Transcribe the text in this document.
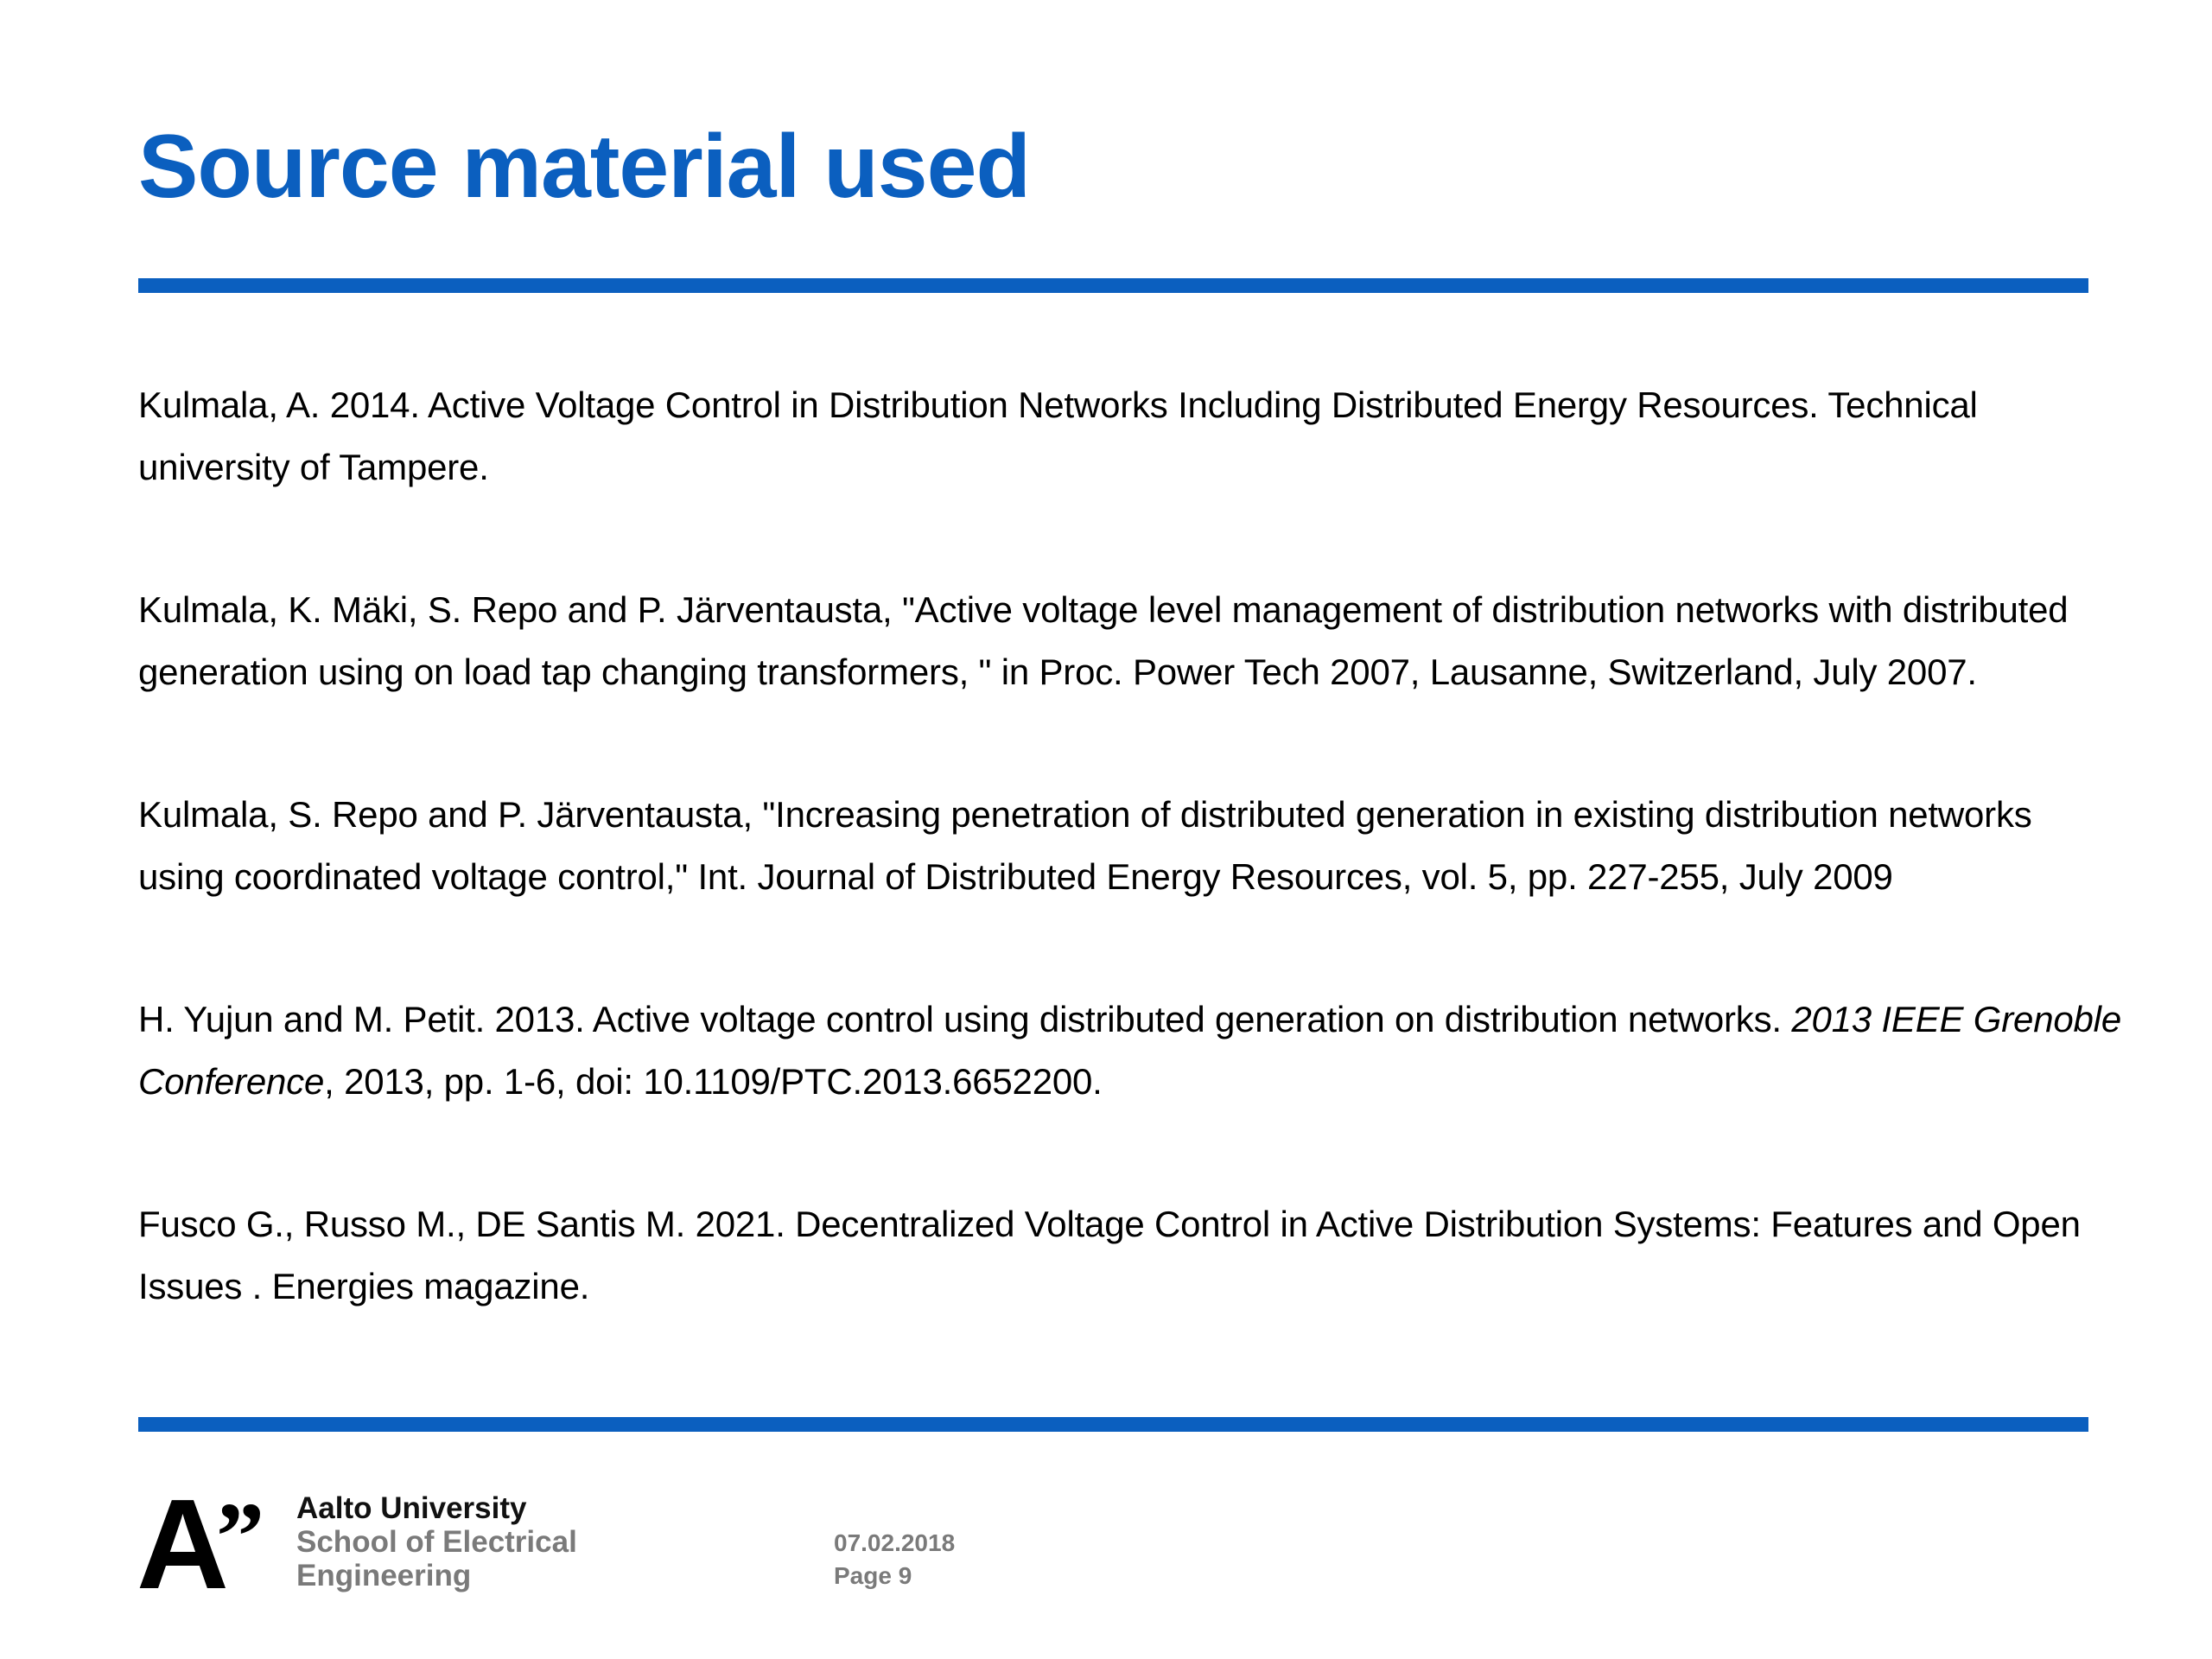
Source material used

Kulmala, A. 2014. Active Voltage Control in Distribution Networks Including Distributed Energy Resources. Technical university of Tampere.

Kulmala, K. Mäki, S. Repo and P. Järventausta, "Active voltage level management of distribution networks with distributed generation using on load tap changing transformers, " in Proc. Power Tech 2007, Lausanne, Switzerland, July 2007.

Kulmala, S. Repo and P. Järventausta, "Increasing penetration of distributed generation in existing distribution networks using coordinated voltage control," Int. Journal of Distributed Energy Resources, vol. 5, pp. 227-255, July 2009

H. Yujun and M. Petit. 2013. Active voltage control using distributed generation on distribution networks. 2013 IEEE Grenoble Conference, 2013, pp. 1-6, doi: 10.1109/PTC.2013.6652200.

Fusco G., Russo M., DE Santis M. 2021. Decentralized Voltage Control in Active Distribution Systems: Features and Open Issues . Energies magazine.

A
” Aalto University
School of Electrical
Engineering
07.02.2018
Page 9
